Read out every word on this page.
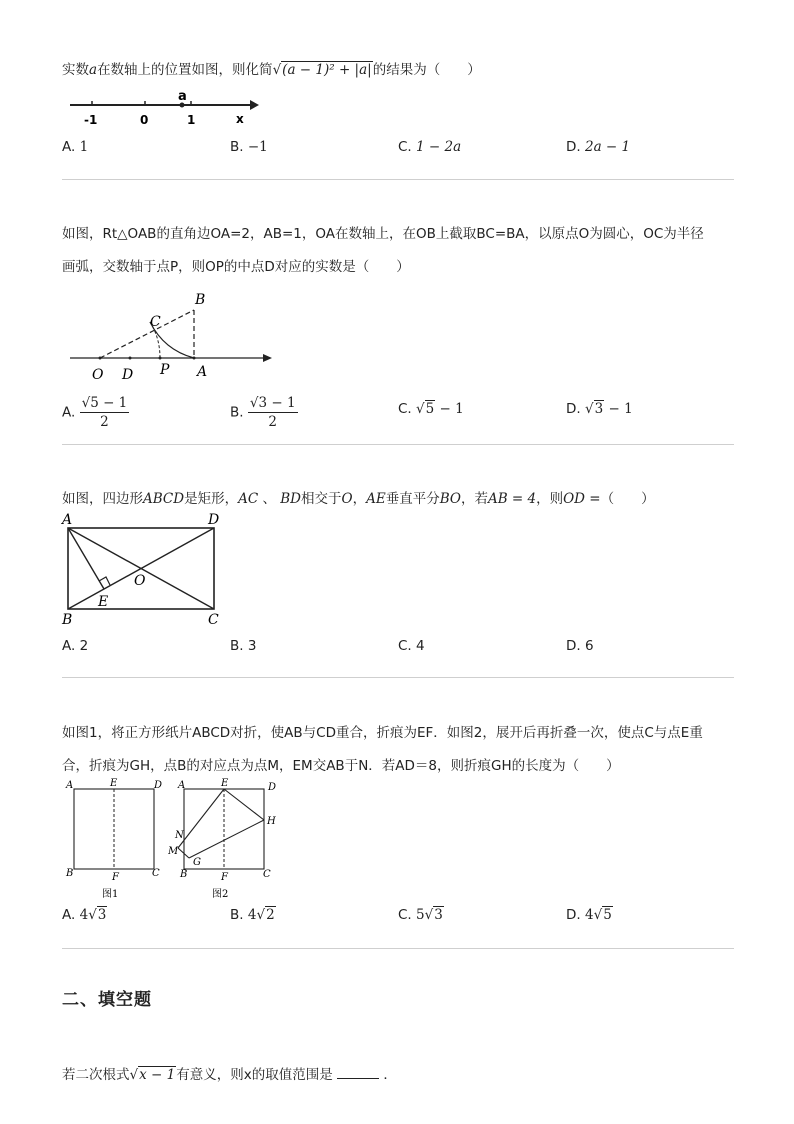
实数a在数轴上的位置如图，则化简√(a − 1)² + |a|的结果为（　　）
a
-1	0	1	x
A. 1	B. −1	C. 1 − 2a	D. 2a − 1
如图，Rt△OAB的直角边OA=2，AB=1，OA在数轴上，在OB上截取BC=BA，以原点O为圆心，OC为半径
画弧，交数轴于点P，则OP的中点D对应的实数是（　　）
B
C
O D P A
A. $\frac{√5 - 1}{2}$	B. $\frac{√3 - 1}{2}$	C. √5 − 1	D. √3 − 1
如图，四边形ABCD是矩形，AC 、 BD相交于O，AE垂直平分BO，若AB = 4，则OD =（　　）
A	D
O
E
B	C
A. 2	B. 3	C. 4	D. 6
如图1，将正方形纸片ABCD对折，使AB与CD重合，折痕为EF．如图2，展开后再折叠一次，使点C与点E重
合，折痕为GH，点B的对应点为点M，EM交AB于N．若AD＝8，则折痕GH的长度为（　　）
A	E	D
B	F	C
图1
A	E	D
H
N
M
G
B	F	C
图2
A. 4√3	B. 4√2	C. 5√3	D. 4√5
二、填空题
若二次根式√x − 1有意义，则x的取值范围是	．
